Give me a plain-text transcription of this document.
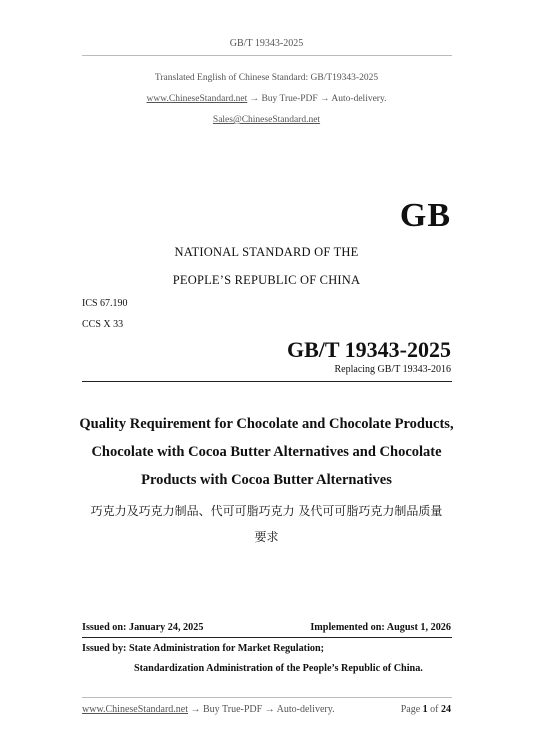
GB/T 19343-2025
Translated English of Chinese Standard: GB/T19343-2025
www.ChineseStandard.net → Buy True-PDF → Auto-delivery.
Sales@ChineseStandard.net
GB
NATIONAL STANDARD OF THE
PEOPLE’S REPUBLIC OF CHINA
ICS 67.190
CCS X 33
GB/T 19343-2025
Replacing GB/T 19343-2016
Quality Requirement for Chocolate and Chocolate Products,
Chocolate with Cocoa Butter Alternatives and Chocolate
Products with Cocoa Butter Alternatives
巧克力及巧克力制品、代可可脂巧克力 及代可可脂巧克力制品质量
要求
Issued on: January 24, 2025	Implemented on: August 1, 2026
Issued by: State Administration for Market Regulation;
Standardization Administration of the People’s Republic of China.
www.ChineseStandard.net → Buy True-PDF → Auto-delivery.	Page 1 of 24
